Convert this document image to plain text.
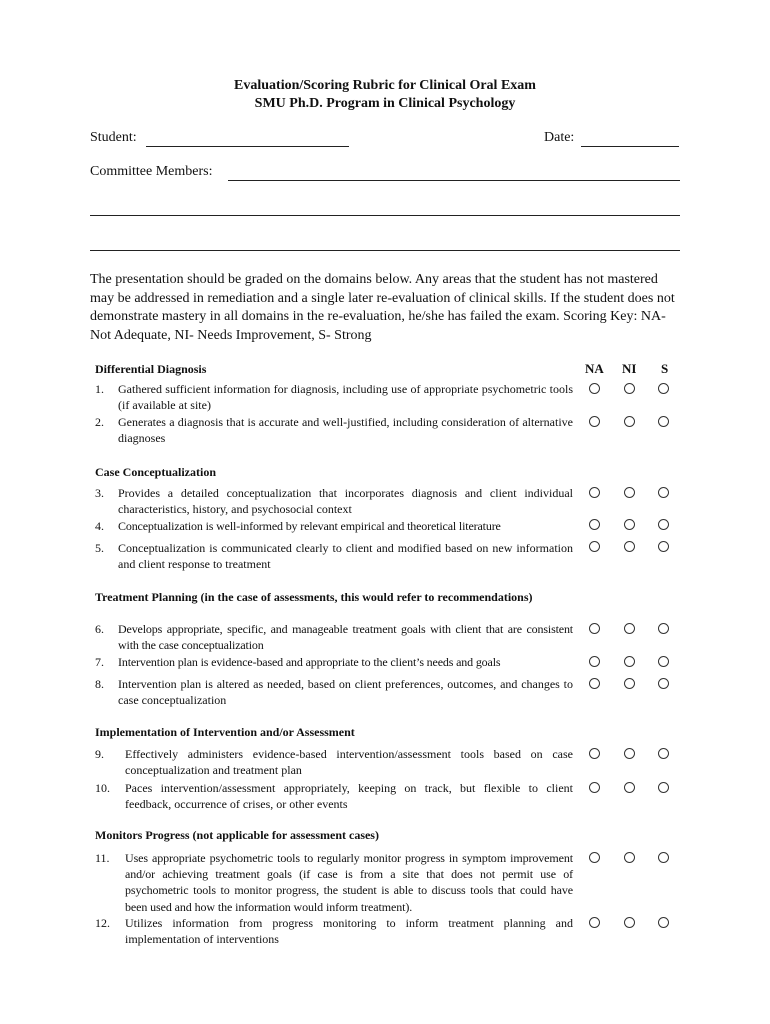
Evaluation/Scoring Rubric for Clinical Oral Exam
SMU Ph.D. Program in Clinical Psychology
Student:	Date:
Committee Members:
The presentation should be graded on the domains below. Any areas that the student has not mastered may be addressed in remediation and a single later re-evaluation of clinical skills. If the student does not demonstrate mastery in all domains in the re-evaluation, he/she has failed the exam. Scoring Key: NA- Not Adequate, NI- Needs Improvement, S- Strong
NA NI S
Differential Diagnosis
1. Gathered sufficient information for diagnosis, including use of appropriate psychometric tools (if available at site)
2. Generates a diagnosis that is accurate and well-justified, including consideration of alternative diagnoses
Case Conceptualization
3. Provides a detailed conceptualization that incorporates diagnosis and client individual characteristics, history, and psychosocial context
4. Conceptualization is well-informed by relevant empirical and theoretical literature
5. Conceptualization is communicated clearly to client and modified based on new information and client response to treatment
Treatment Planning (in the case of assessments, this would refer to recommendations)
6. Develops appropriate, specific, and manageable treatment goals with client that are consistent with the case conceptualization
7. Intervention plan is evidence-based and appropriate to the client’s needs and goals
8. Intervention plan is altered as needed, based on client preferences, outcomes, and changes to case conceptualization
Implementation of Intervention and/or Assessment
9. Effectively administers evidence-based intervention/assessment tools based on case conceptualization and treatment plan
10. Paces intervention/assessment appropriately, keeping on track, but flexible to client feedback, occurrence of crises, or other events
Monitors Progress (not applicable for assessment cases)
11. Uses appropriate psychometric tools to regularly monitor progress in symptom improvement and/or achieving treatment goals (if case is from a site that does not permit use of psychometric tools to monitor progress, the student is able to discuss tools that could have been used and how the information would inform treatment).
12. Utilizes information from progress monitoring to inform treatment planning and implementation of interventions
